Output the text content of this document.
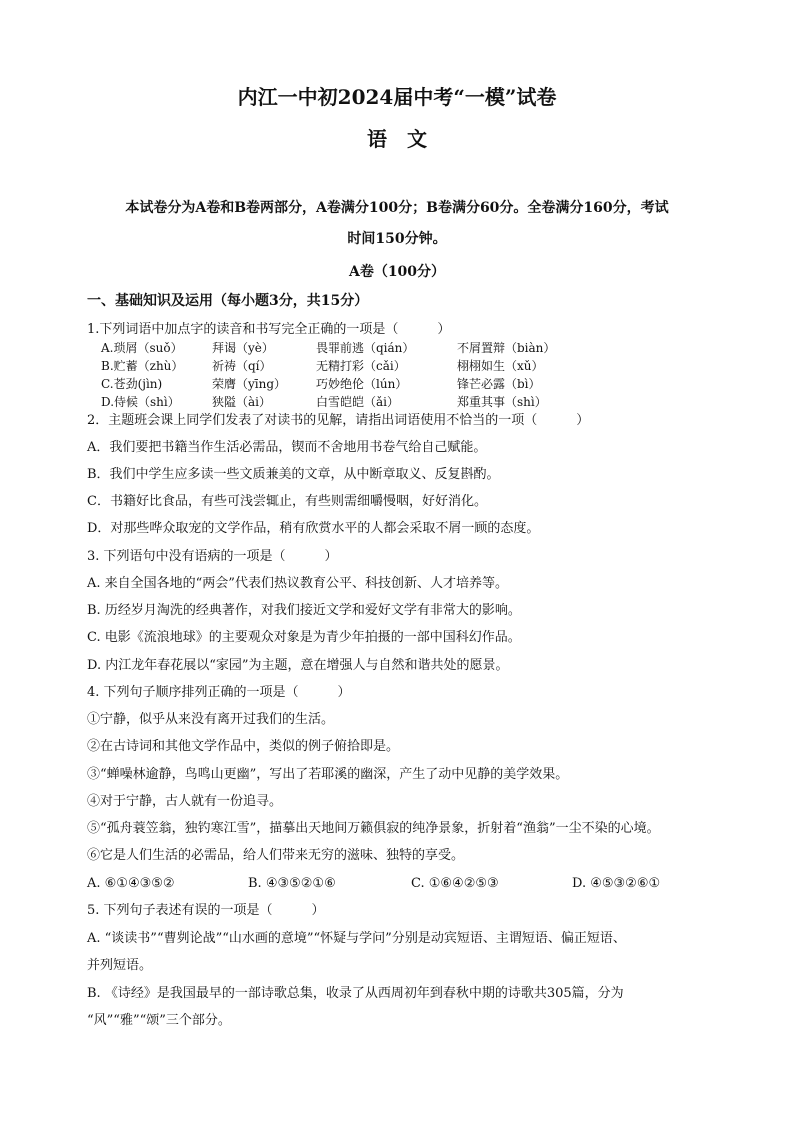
内江一中初2024届中考“一模”试卷
语　文
本试卷分为A卷和B卷两部分，A卷满分100分；B卷满分60分。全卷满分160分，考试
时间150分钟。
A卷（100分）
一、基础知识及运用（每小题3分，共15分）
1.下列词语中加点字的读音和书写完全正确的一项是（　　　）
A.琐屑（suǒ） 拜谒（yè）	畏罪前逃（qián）	不屑置辩（biàn）
B.贮蓄（zhù） 祈祷（qí）	无精打彩（cǎi）	栩栩如生（xǔ）
C.苍劲(jìn)	荣膺（yīng） 巧妙绝伦（lún）	锋芒必露（bì）
D.侍候（shì）	狭隘（ài）	白雪皑皑（ǎi）	郑重其事（shì）
2．主题班会课上同学们发表了对读书的见解，请指出词语使用不恰当的一项（　　　）
A．我们要把书籍当作生活必需品，锲而不舍地用书卷气给自己赋能。
B．我们中学生应多读一些文质兼美的文章，从中断章取义、反复斟酌。
C．书籍好比食品，有些可浅尝辄止，有些则需细嚼慢咽，好好消化。
D．对那些哗众取宠的文学作品，稍有欣赏水平的人都会采取不屑一顾的态度。
3. 下列语句中没有语病的一项是（　　　）
A. 来自全国各地的“两会”代表们热议教育公平、科技创新、人才培养等。
B. 历经岁月淘洗的经典著作，对我们接近文学和爱好文学有非常大的影响。
C. 电影《流浪地球》的主要观众对象是为青少年拍摄的一部中国科幻作品。
D. 内江龙年春花展以“家园”为主题，意在增强人与自然和谐共处的愿景。
4. 下列句子顺序排列正确的一项是（　　　）
①宁静，似乎从来没有离开过我们的生活。
②在古诗词和其他文学作品中，类似的例子俯拾即是。
③“蝉噪林逾静，鸟鸣山更幽”，写出了若耶溪的幽深，产生了动中见静的美学效果。
④对于宁静，古人就有一份追寻。
⑤“孤舟蓑笠翁，独钓寒江雪”，描摹出天地间万籁俱寂的纯净景象，折射着“渔翁”一尘不染的心境。
⑥它是人们生活的必需品，给人们带来无穷的滋味、独特的享受。
A. ⑥①④③⑤②	B. ④③⑤②①⑥	C. ①⑥④②⑤③	D. ④⑤③②⑥①
5. 下列句子表述有误的一项是（　　　）
A. “谈读书”“曹刿论战”“山水画的意境”“怀疑与学问”分别是动宾短语、主谓短语、偏正短语、
并列短语。
B. 《诗经》是我国最早的一部诗歌总集，收录了从西周初年到春秋中期的诗歌共305篇，分为
“风”“雅”“颂”三个部分。
